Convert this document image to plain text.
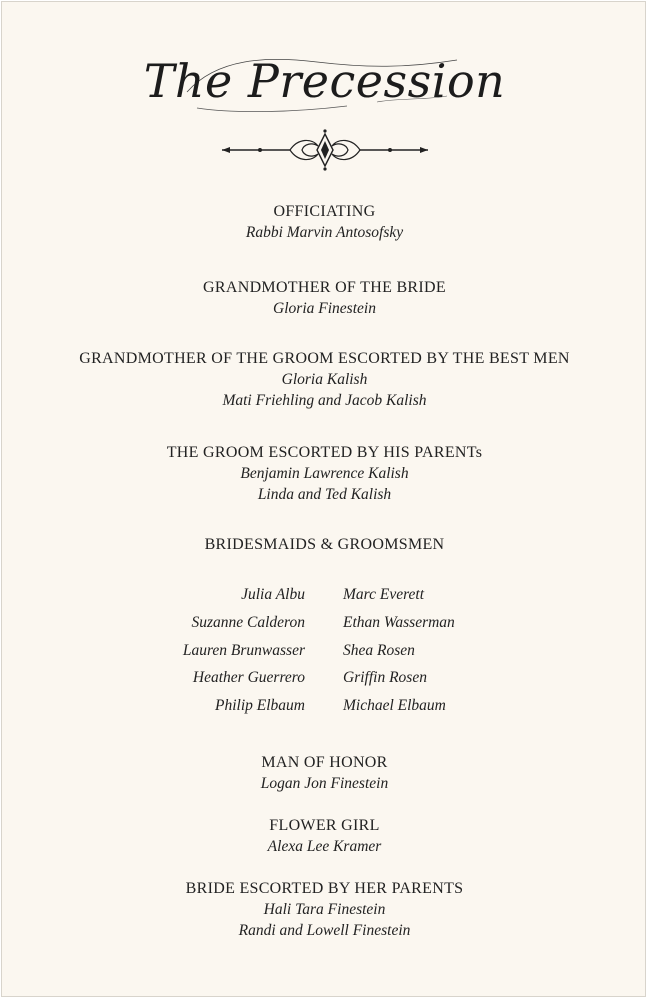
The Precession
OFFICIATING
Rabbi Marvin Antosofsky
GRANDMOTHER OF THE BRIDE
Gloria Finestein
GRANDMOTHER OF THE GROOM ESCORTED BY THE BEST MEN
Gloria Kalish
Mati Friehling and Jacob Kalish
THE GROOM ESCORTED BY HIS PARENTs
Benjamin Lawrence Kalish
Linda and Ted Kalish
BRIDESMAIDS & GROOMSMEN
Julia Albu
Suzanne Calderon
Lauren Brunwasser
Heather Guerrero
Philip Elbaum
Marc Everett
Ethan Wasserman
Shea Rosen
Griffin Rosen
Michael Elbaum
MAN OF HONOR
Logan Jon Finestein
FLOWER GIRL
Alexa Lee Kramer
BRIDE ESCORTED BY HER PARENTS
Hali Tara Finestein
Randi and Lowell Finestein
